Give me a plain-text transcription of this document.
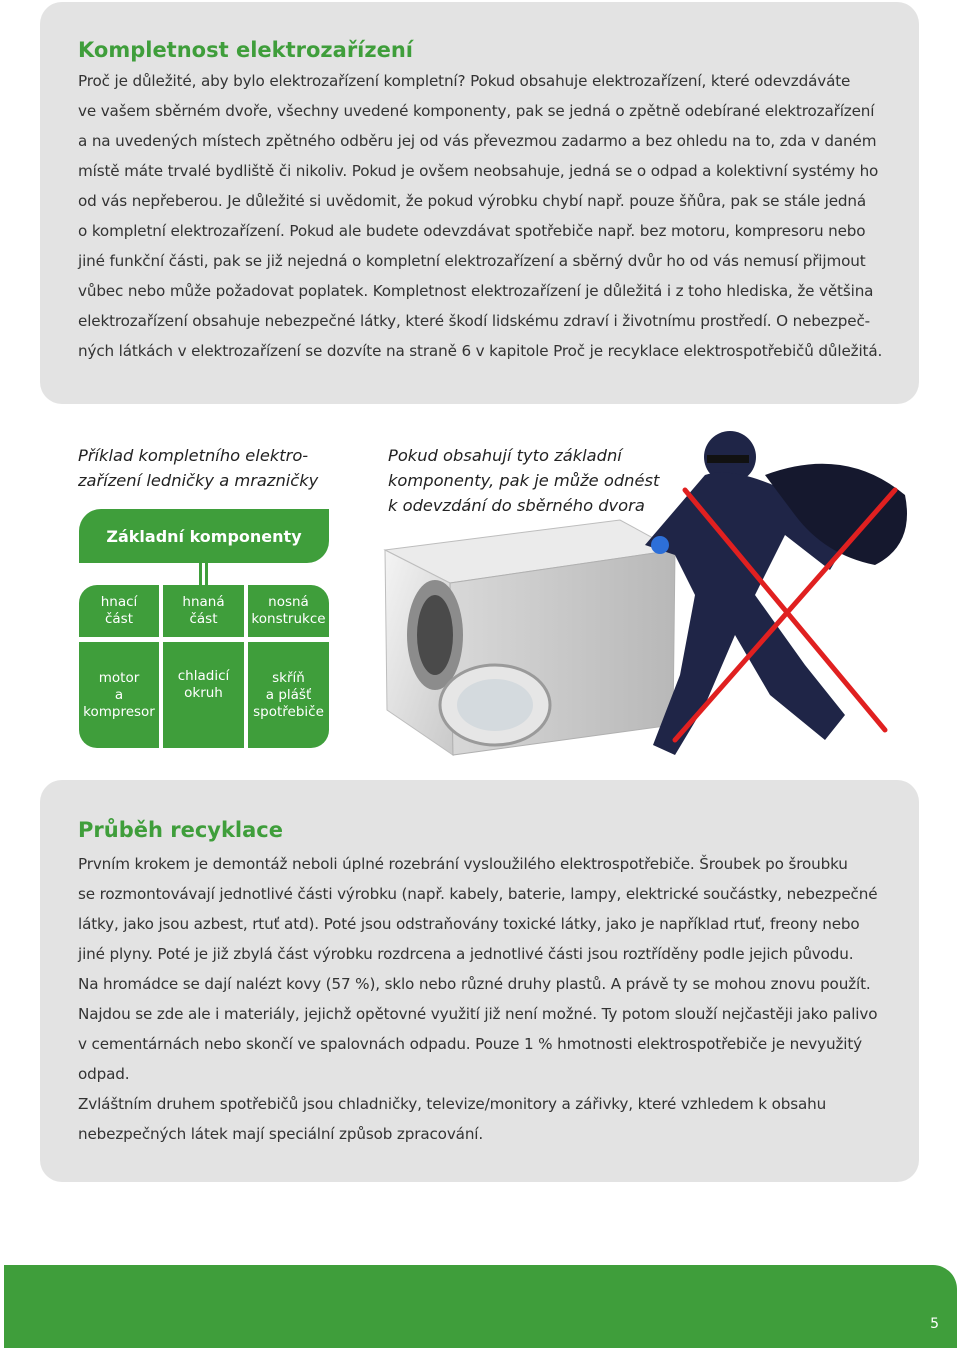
Kompletnost elektrozařízení

Proč je důležité, aby bylo elektrozařízení kompletní? Pokud obsahuje elektrozařízení, které odevzdáváte

ve vašem sběrném dvoře, všechny uvedené komponenty, pak se jedná o zpětně odebírané elektrozařízení

a na uvedených místech zpětného odběru jej od vás převezmou zadarmo a bez ohledu na to, zda v daném

místě máte trvalé bydliště či nikoliv. Pokud je ovšem neobsahuje, jedná se o odpad a kolektivní systémy ho

od vás nepřeberou. Je důležité si uvědomit, že pokud výrobku chybí např. pouze šňůra, pak se stále jedná

o kompletní elektrozařízení. Pokud ale budete odevzdávat spotřebiče např. bez motoru, kompresoru nebo

jiné funkční části, pak se již nejedná o kompletní elektrozařízení a sběrný dvůr ho od vás nemusí přijmout

vůbec nebo může požadovat poplatek. Kompletnost elektrozařízení je důležitá i z toho hlediska, že většina

elektrozařízení obsahuje nebezpečné látky, které škodí lidskému zdraví i životnímu prostředí. O nebezpeč-

ných látkách v elektrozařízení se dozvíte na straně 6 v kapitole Proč je recyklace elektrospotřebičů důležitá.

Příklad kompletního elektro-
zařízení ledničky a mrazničky
Pokud obsahují tyto základní
komponenty, pak je může odnést
k odevzdání do sběrného dvora
Základní komponenty
hnací
část
hnaná
část
nosná
konstrukce
motor
a
kompresor
chladicí
okruh
skříň
a plášť
spotřebiče
Průběh recyklace

Prvním krokem je demontáž neboli úplné rozebrání vysloužilého elektrospotřebiče. Šroubek po šroubku

se rozmontovávají jednotlivé části výrobku (např. kabely, baterie, lampy, elektrické součástky, nebezpečné

látky, jako jsou azbest, rtuť atd). Poté jsou odstraňovány toxické látky, jako je například rtuť, freony nebo

jiné plyny. Poté je již zbylá část výrobku rozdrcena a jednotlivé části jsou roztříděny podle jejich původu.

Na hromádce se dají nalézt kovy (57 %), sklo nebo různé druhy plastů. A právě ty se mohou znovu použít.

Najdou se zde ale i materiály, jejichž opětovné využití již není možné. Ty potom slouží nejčastěji jako palivo

v cementárnách nebo skončí ve spalovnách odpadu. Pouze 1 % hmotnosti elektrospotřebiče je nevyužitý

odpad.

Zvláštním druhem spotřebičů jsou chladničky, televize/monitory a zářivky, které vzhledem k obsahu

nebezpečných látek mají speciální způsob zpracování.

5
